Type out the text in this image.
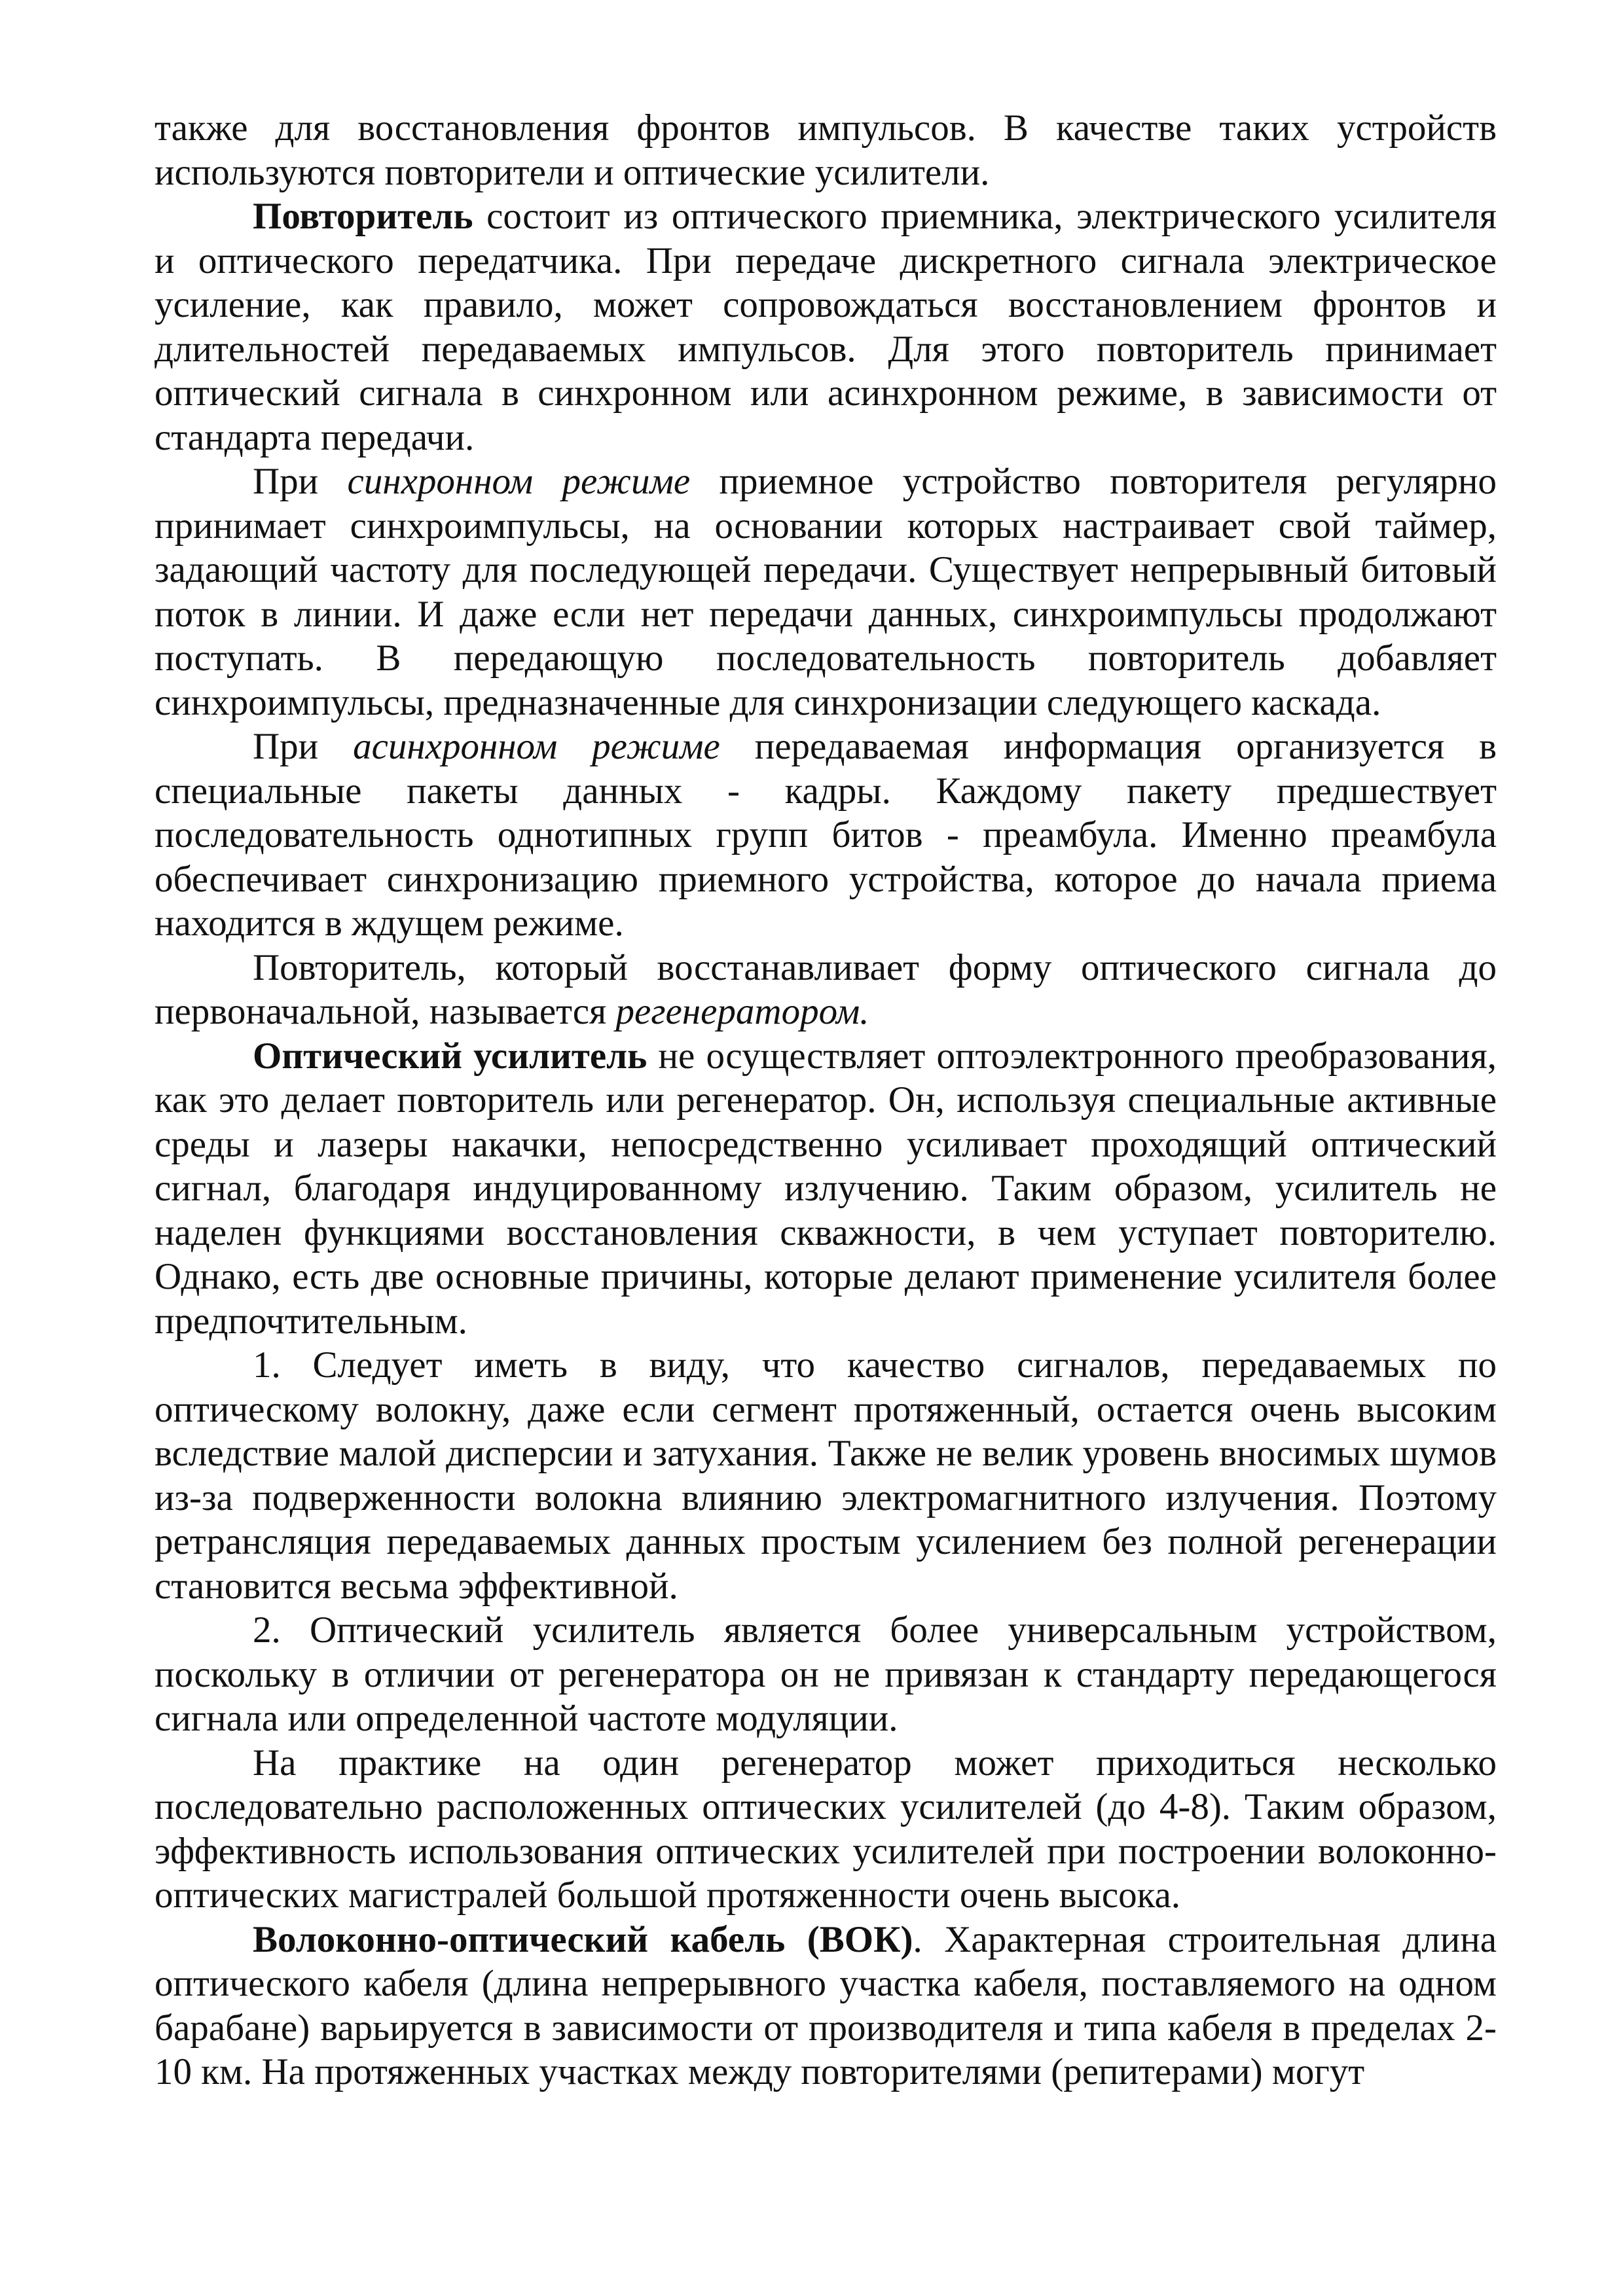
также для восстановления фронтов импульсов. В качестве таких устройств используются повторители и оптические усилители.

Повторитель состоит из оптического приемника, электрического усилителя и оптического передатчика. При передаче дискретного сигнала электрическое усиление, как правило, может сопровождаться восстановлением фронтов и длительностей передаваемых импульсов. Для этого повторитель принимает оптический сигнала в синхронном или асинхронном режиме, в зависимости от стандарта передачи.

При синхронном режиме приемное устройство повторителя регулярно принимает синхроимпульсы, на основании которых настраивает свой таймер, задающий частоту для последующей передачи. Существует непрерывный битовый поток в линии. И даже если нет передачи данных, синхроимпульсы продолжают поступать. В передающую последовательность повторитель добавляет синхроимпульсы, предназначенные для синхронизации следующего каскада.

При асинхронном режиме передаваемая информация организуется в специальные пакеты данных - кадры. Каждому пакету предшествует последовательность однотипных групп битов - преамбула. Именно преамбула обеспечивает синхронизацию приемного устройства, которое до начала приема находится в ждущем режиме.

Повторитель, который восстанавливает форму оптического сигнала до первоначальной, называется регенератором.

Оптический усилитель не осуществляет оптоэлектронного преобразования, как это делает повторитель или регенератор. Он, используя специальные активные среды и лазеры накачки, непосредственно усиливает проходящий оптический сигнал, благодаря индуцированному излучению. Таким образом, усилитель не наделен функциями восстановления скважности, в чем уступает повторителю. Однако, есть две основные причины, которые делают применение усилителя более предпочтительным.

1. Следует иметь в виду, что качество сигналов, передаваемых по оптическому волокну, даже если сегмент протяженный, остается очень высоким вследствие малой дисперсии и затухания. Также не велик уровень вносимых шумов из-за подверженности волокна влиянию электромагнитного излучения. Поэтому ретрансляция передаваемых данных простым усилением без полной регенерации становится весьма эффективной.

2. Оптический усилитель является более универсальным устройством, поскольку в отличии от регенератора он не привязан к стандарту передающегося сигнала или определенной частоте модуляции.

На практике на один регенератор может приходиться несколько последовательно расположенных оптических усилителей (до 4-8). Таким образом, эффективность использования оптических усилителей при построении волоконно-оптических магистралей большой протяженности очень высока.

Волоконно-оптический кабель (ВОК). Характерная строительная длина оптического кабеля (длина непрерывного участка кабеля, поставляемого на одном барабане) варьируется в зависимости от производителя и типа кабеля в пределах 2-10 км. На протяженных участках между повторителями (репитерами) могут
